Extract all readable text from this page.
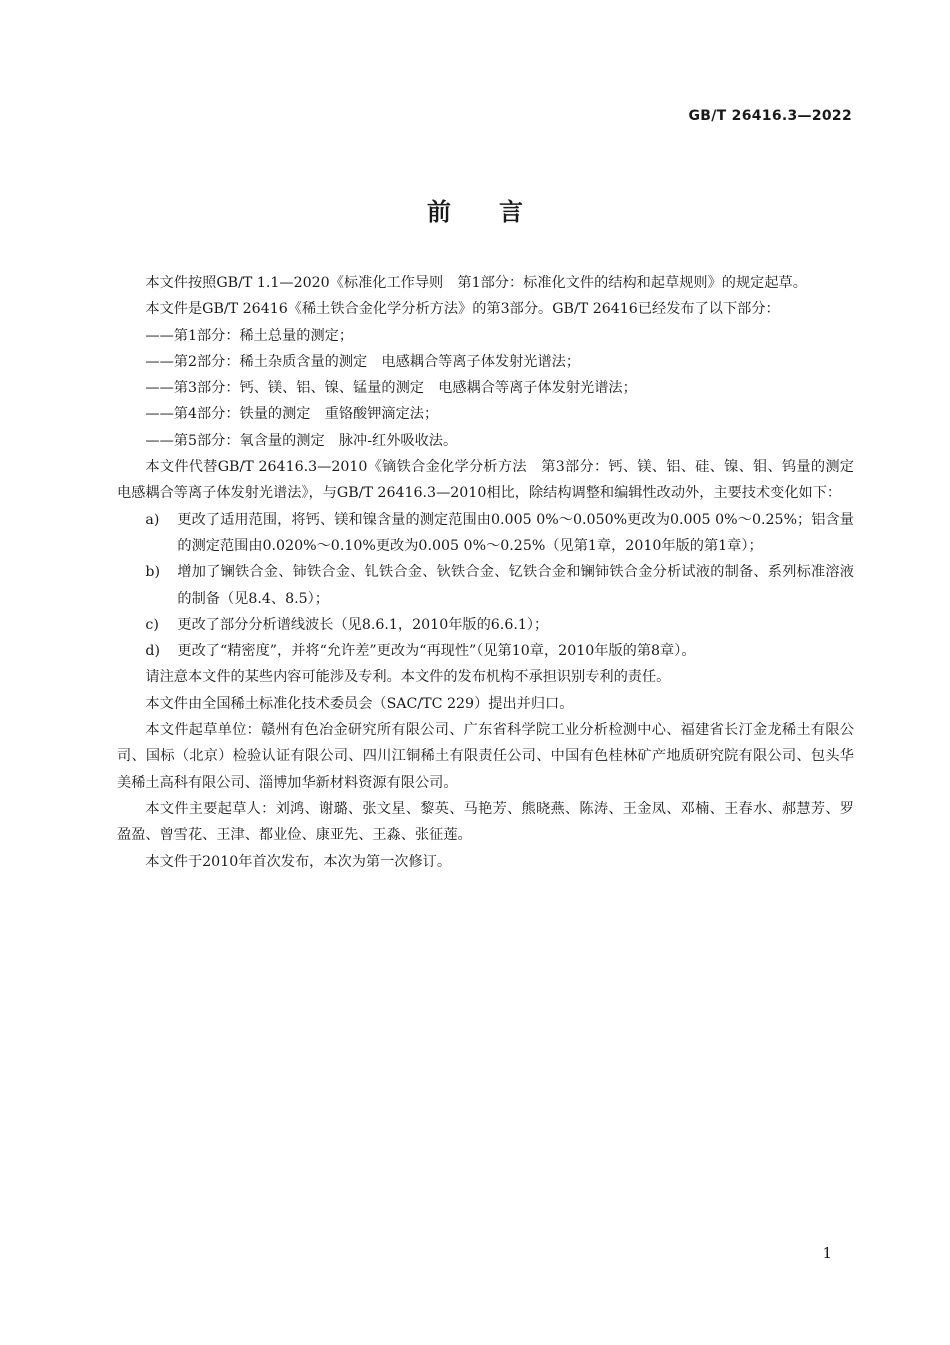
GB/T 26416.3—2022
前言

本文件按照GB/T 1.1—2020《标准化工作导则　第1部分：标准化文件的结构和起草规则》的规定起草。

本文件是GB/T 26416《稀土铁合金化学分析方法》的第3部分。GB/T 26416已经发布了以下部分：

——第1部分：稀土总量的测定；

——第2部分：稀土杂质含量的测定　电感耦合等离子体发射光谱法；

——第3部分：钙、镁、铝、镍、锰量的测定　电感耦合等离子体发射光谱法；

——第4部分：铁量的测定　重铬酸钾滴定法；

——第5部分：氧含量的测定　脉冲-红外吸收法。

本文件代替GB/T 26416.3—2010《镝铁合金化学分析方法　第3部分：钙、镁、铝、硅、镍、钼、钨量的测定　电感耦合等离子体发射光谱法》，与GB/T 26416.3—2010相比，除结构调整和编辑性改动外，主要技术变化如下：

a)	更改了适用范围，将钙、镁和镍含量的测定范围由0.005 0%～0.050%更改为0.005 0%～0.25%；铝含量的测定范围由0.020%～0.10%更改为0.005 0%～0.25%（见第1章，2010年版的第1章）；
b)	增加了镧铁合金、铈铁合金、钆铁合金、钬铁合金、钇铁合金和镧铈铁合金分析试液的制备、系列标准溶液的制备（见8.4、8.5）；
c)	更改了部分分析谱线波长（见8.6.1，2010年版的6.6.1）；
d)	更改了“精密度”，并将“允许差”更改为“再现性”（见第10章，2010年版的第8章）。

请注意本文件的某些内容可能涉及专利。本文件的发布机构不承担识别专利的责任。

本文件由全国稀土标准化技术委员会（SAC/TC 229）提出并归口。

本文件起草单位：赣州有色冶金研究所有限公司、广东省科学院工业分析检测中心、福建省长汀金龙稀土有限公司、国标（北京）检验认证有限公司、四川江铜稀土有限责任公司、中国有色桂林矿产地质研究院有限公司、包头华美稀土高科有限公司、淄博加华新材料资源有限公司。

本文件主要起草人：刘鸿、谢璐、张文星、黎英、马艳芳、熊晓燕、陈涛、王金凤、邓楠、王春水、郝慧芳、罗盈盈、曾雪花、王津、都业俭、康亚先、王淼、张征莲。

本文件于2010年首次发布，本次为第一次修订。

1
